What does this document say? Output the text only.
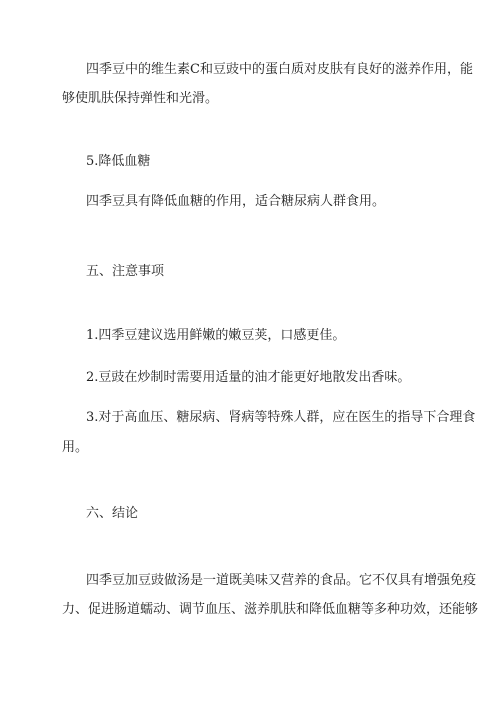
四季豆中的维生素C和豆豉中的蛋白质对皮肤有良好的滋养作用，能
够使肌肤保持弹性和光滑。
5.降低血糖
四季豆具有降低血糖的作用，适合糖尿病人群食用。
五、注意事项
1.四季豆建议选用鲜嫩的嫩豆荚，口感更佳。
2.豆豉在炒制时需要用适量的油才能更好地散发出香味。
3.对于高血压、糖尿病、肾病等特殊人群，应在医生的指导下合理食
用。
六、结论
四季豆加豆豉做汤是一道既美味又营养的食品。它不仅具有增强免疫
力、促进肠道蠕动、调节血压、滋养肌肤和降低血糖等多种功效，还能够
